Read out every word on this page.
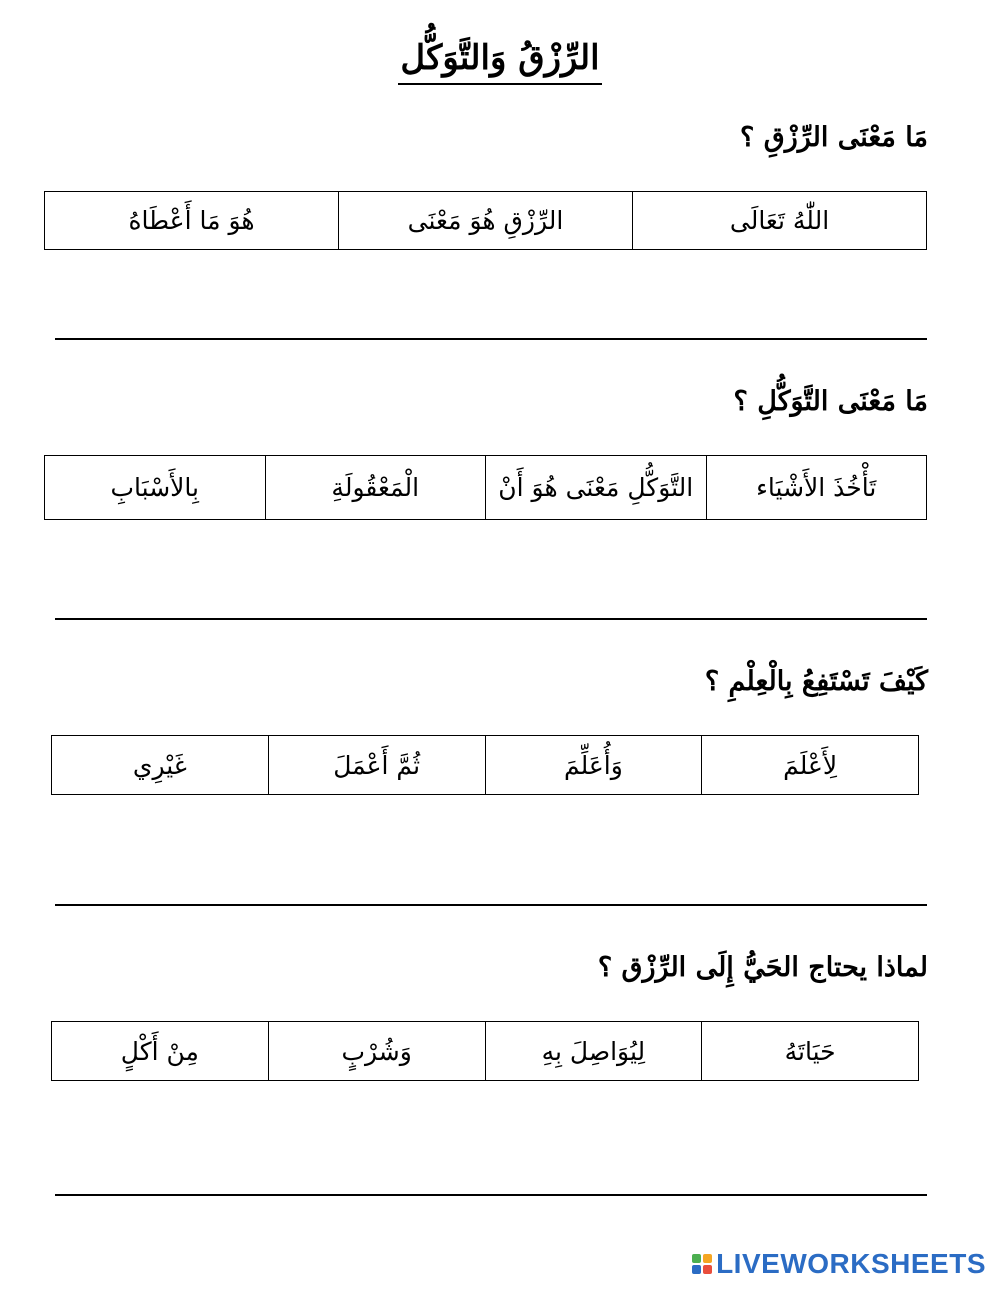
الرِّزْقُ وَالتَّوَكُّل
مَا مَعْنَى الرِّزْقِ ؟
اللّٰهُ تَعَالَى
الرِّزْقِ هُوَ مَعْنَى
هُوَ مَا أَعْطَاهُ
مَا مَعْنَى التَّوَكُّلِ ؟
تَأْخُذَ الأَشْيَاء
التَّوَكُّلِ مَعْنَى هُوَ أَنْ
الْمَعْقُولَةِ
بِالأَسْبَابِ
كَيْفَ تَسْتَفِعُ بِالْعِلْمِ ؟
لِأَعْلَمَ
وَأُعَلِّمَ
ثُمَّ أَعْمَلَ
غَيْرِي
لماذا يحتاج الحَيُّ إِلَى الرِّزْق ؟
حَيَاتَهُ
لِيُوَاصِلَ بِهِ
وَشُرْبٍ
مِنْ أَكْلٍ
LIVEWORKSHEETS
